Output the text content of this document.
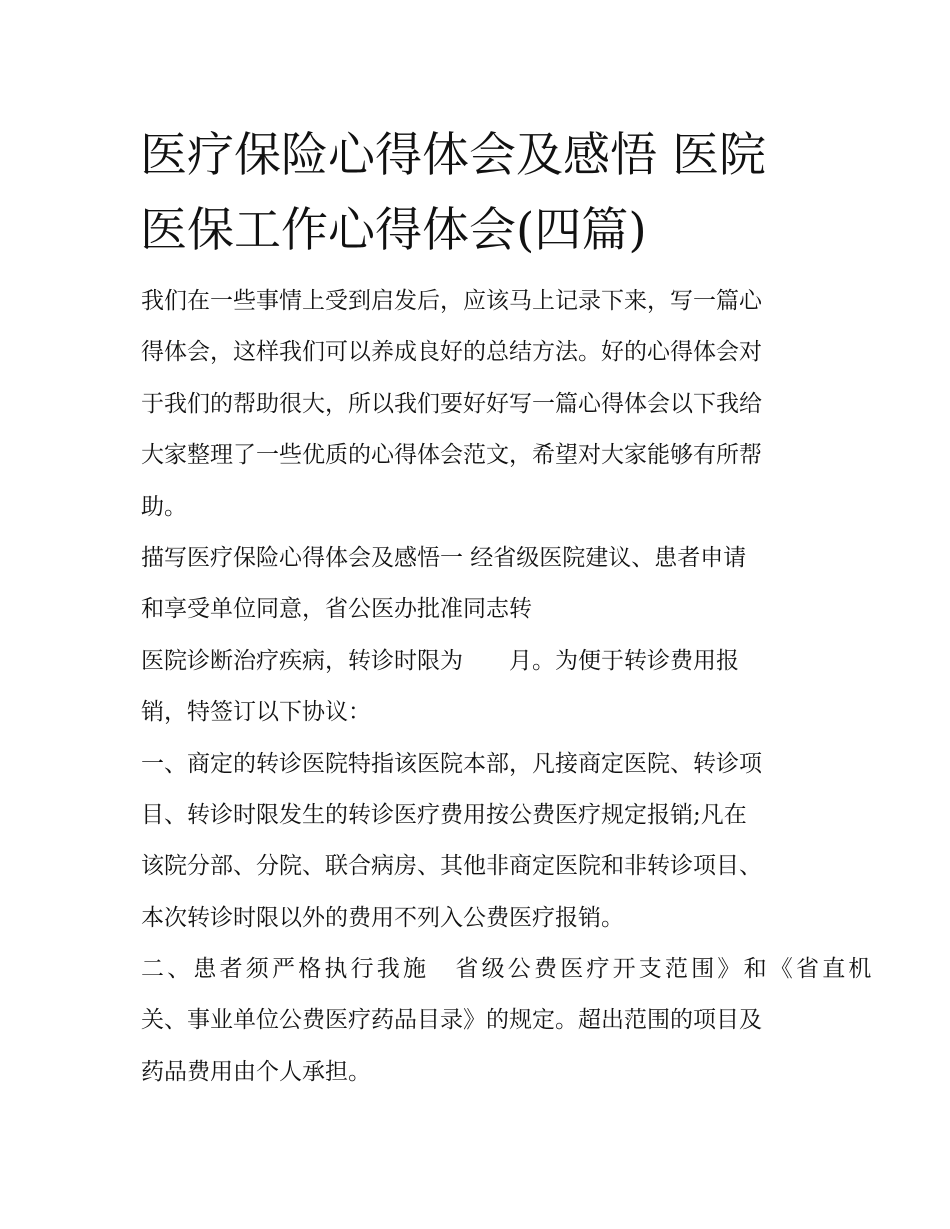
医疗保险心得体会及感悟 医院
医保工作心得体会(四篇)
我们在一些事情上受到启发后，应该马上记录下来，写一篇心
得体会，这样我们可以养成良好的总结方法。好的心得体会对
于我们的帮助很大，所以我们要好好写一篇心得体会以下我给
大家整理了一些优质的心得体会范文，希望对大家能够有所帮
助。
描写医疗保险心得体会及感悟一 经省级医院建议、患者申请
和享受单位同意，省公医办批准同志转
医院诊断治疗疾病，转诊时限为　　月。为便于转诊费用报
销，特签订以下协议：
一、商定的转诊医院特指该医院本部，凡接商定医院、转诊项
目、转诊时限发生的转诊医疗费用按公费医疗规定报销;凡在
该院分部、分院、联合病房、其他非商定医院和非转诊项目、
本次转诊时限以外的费用不列入公费医疗报销。
二、患者须严格执行我施　省级公费医疗开支范围》和《省直机
关、事业单位公费医疗药品目录》的规定。超出范围的项目及
药品费用由个人承担。
